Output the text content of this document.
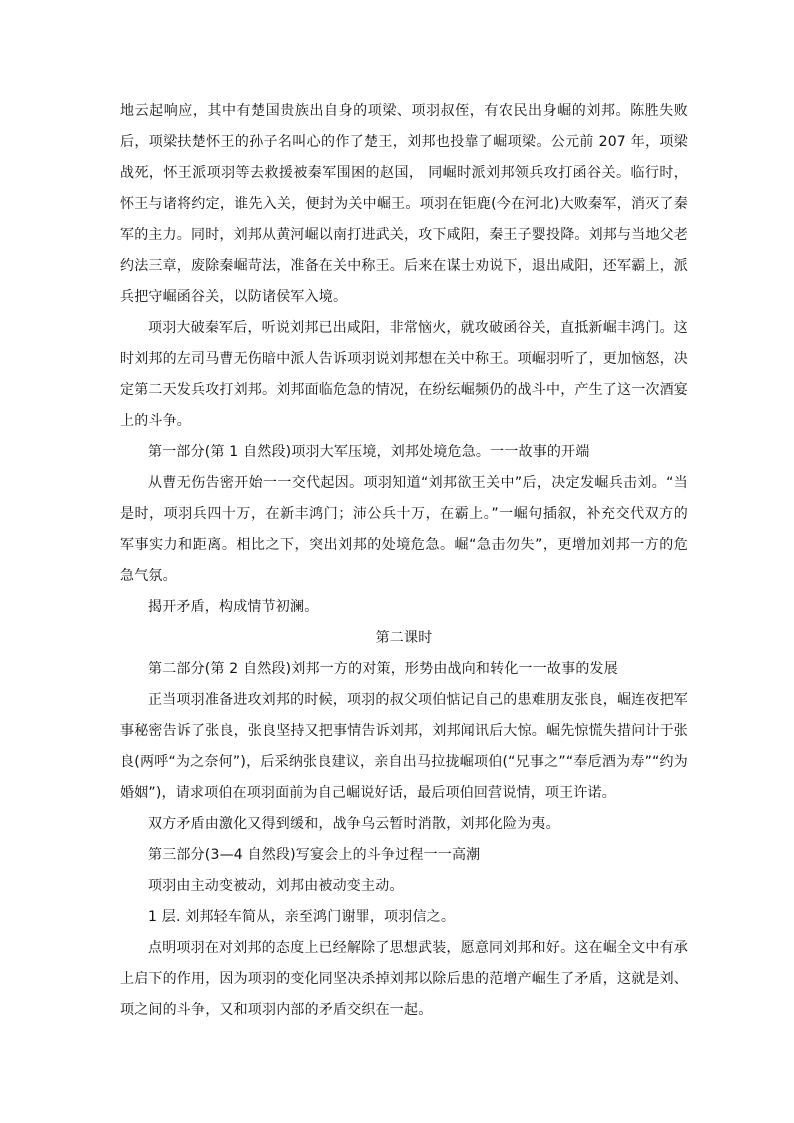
地云起响应，其中有楚国贵族出自身的项梁、项羽叔侄，有农民出身崛的刘邦。陈胜失败后，项梁扶楚怀王的孙子名叫心的作了楚王，刘邦也投靠了崛项梁。公元前 207 年，项梁战死，怀王派项羽等去救援被秦军围困的赵国， 同崛时派刘邦领兵攻打函谷关。临行时，怀王与诸将约定，谁先入关，便封为关中崛王。项羽在钜鹿(今在河北)大败秦军，消灭了秦军的主力。同时，刘邦从黄河崛以南打进武关，攻下咸阳，秦王子婴投降。刘邦与当地父老约法三章，废除秦崛苛法，准备在关中称王。后来在谋士劝说下，退出咸阳，还军霸上，派兵把守崛函谷关，以防诸侯军入境。

项羽大破秦军后，听说刘邦已出咸阳，非常恼火，就攻破函谷关，直抵新崛丰鸿门。这时刘邦的左司马曹无伤暗中派人告诉项羽说刘邦想在关中称王。项崛羽听了，更加恼怒，决定第二天发兵攻打刘邦。刘邦面临危急的情况，在纷纭崛频仍的战斗中，产生了这一次酒宴上的斗争。

第一部分(第 1 自然段)项羽大军压境，刘邦处境危急。一一故事的开端

从曹无伤告密开始一一交代起因。项羽知道“刘邦欲王关中”后，决定发崛兵击刘。“当是时，项羽兵四十万，在新丰鸿门；沛公兵十万，在霸上。”一崛句插叙，补充交代双方的军事实力和距离。相比之下，突出刘邦的处境危急。崛“急击勿失”，更增加刘邦一方的危急气氛。

揭开矛盾，构成情节初澜。

第二课时

第二部分(第 2 自然段)刘邦一方的对策，形势由战向和转化一一故事的发展

正当项羽准备进攻刘邦的时候，项羽的叔父项伯惦记自己的患难朋友张良，崛连夜把军事秘密告诉了张良，张良坚持又把事情告诉刘邦，刘邦闻讯后大惊。崛先惊慌失措问计于张良(两呼“为之奈何”)，后采纳张良建议，亲自出马拉拢崛项伯(“兄事之”“奉卮酒为寿”“约为婚姻”)，请求项伯在项羽面前为自己崛说好话，最后项伯回营说情，项王许诺。

双方矛盾由激化又得到缓和，战争乌云暂时消散，刘邦化险为夷。

第三部分(3—4 自然段)写宴会上的斗争过程一一高潮

项羽由主动变被动，刘邦由被动变主动。

1 层. 刘邦轻车简从，亲至鸿门谢罪，项羽信之。

点明项羽在对刘邦的态度上已经解除了思想武装，愿意同刘邦和好。这在崛全文中有承上启下的作用，因为项羽的变化同坚决杀掉刘邦以除后患的范增产崛生了矛盾，这就是刘、项之间的斗争，又和项羽内部的矛盾交织在一起。
